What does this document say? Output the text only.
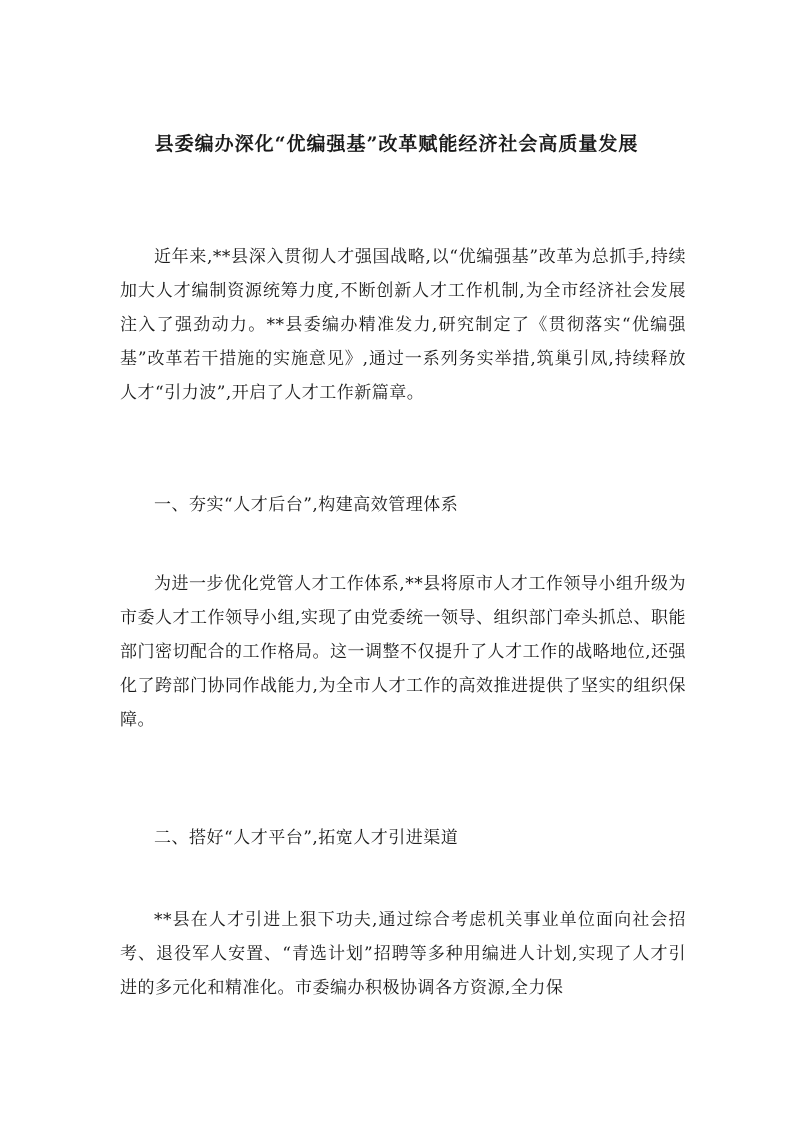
县委编办深化“优编强基”改革赋能经济社会高质量发展

近年来,**县深入贯彻人才强国战略,以“优编强基”改革为总抓手,持续加大人才编制资源统筹力度,不断创新人才工作机制,为全市经济社会发展注入了强劲动力。**县委编办精准发力,研究制定了《贯彻落实“优编强基”改革若干措施的实施意见》,通过一系列务实举措,筑巢引凤,持续释放人才“引力波”,开启了人才工作新篇章。

一、夯实“人才后台”,构建高效管理体系

为进一步优化党管人才工作体系,**县将原市人才工作领导小组升级为市委人才工作领导小组,实现了由党委统一领导、组织部门牵头抓总、职能部门密切配合的工作格局。这一调整不仅提升了人才工作的战略地位,还强化了跨部门协同作战能力,为全市人才工作的高效推进提供了坚实的组织保障。

二、搭好“人才平台”,拓宽人才引进渠道

**县在人才引进上狠下功夫,通过综合考虑机关事业单位面向社会招考、退役军人安置、“青选计划”招聘等多种用编进人计划,实现了人才引进的多元化和精准化。市委编办积极协调各方资源,全力保
